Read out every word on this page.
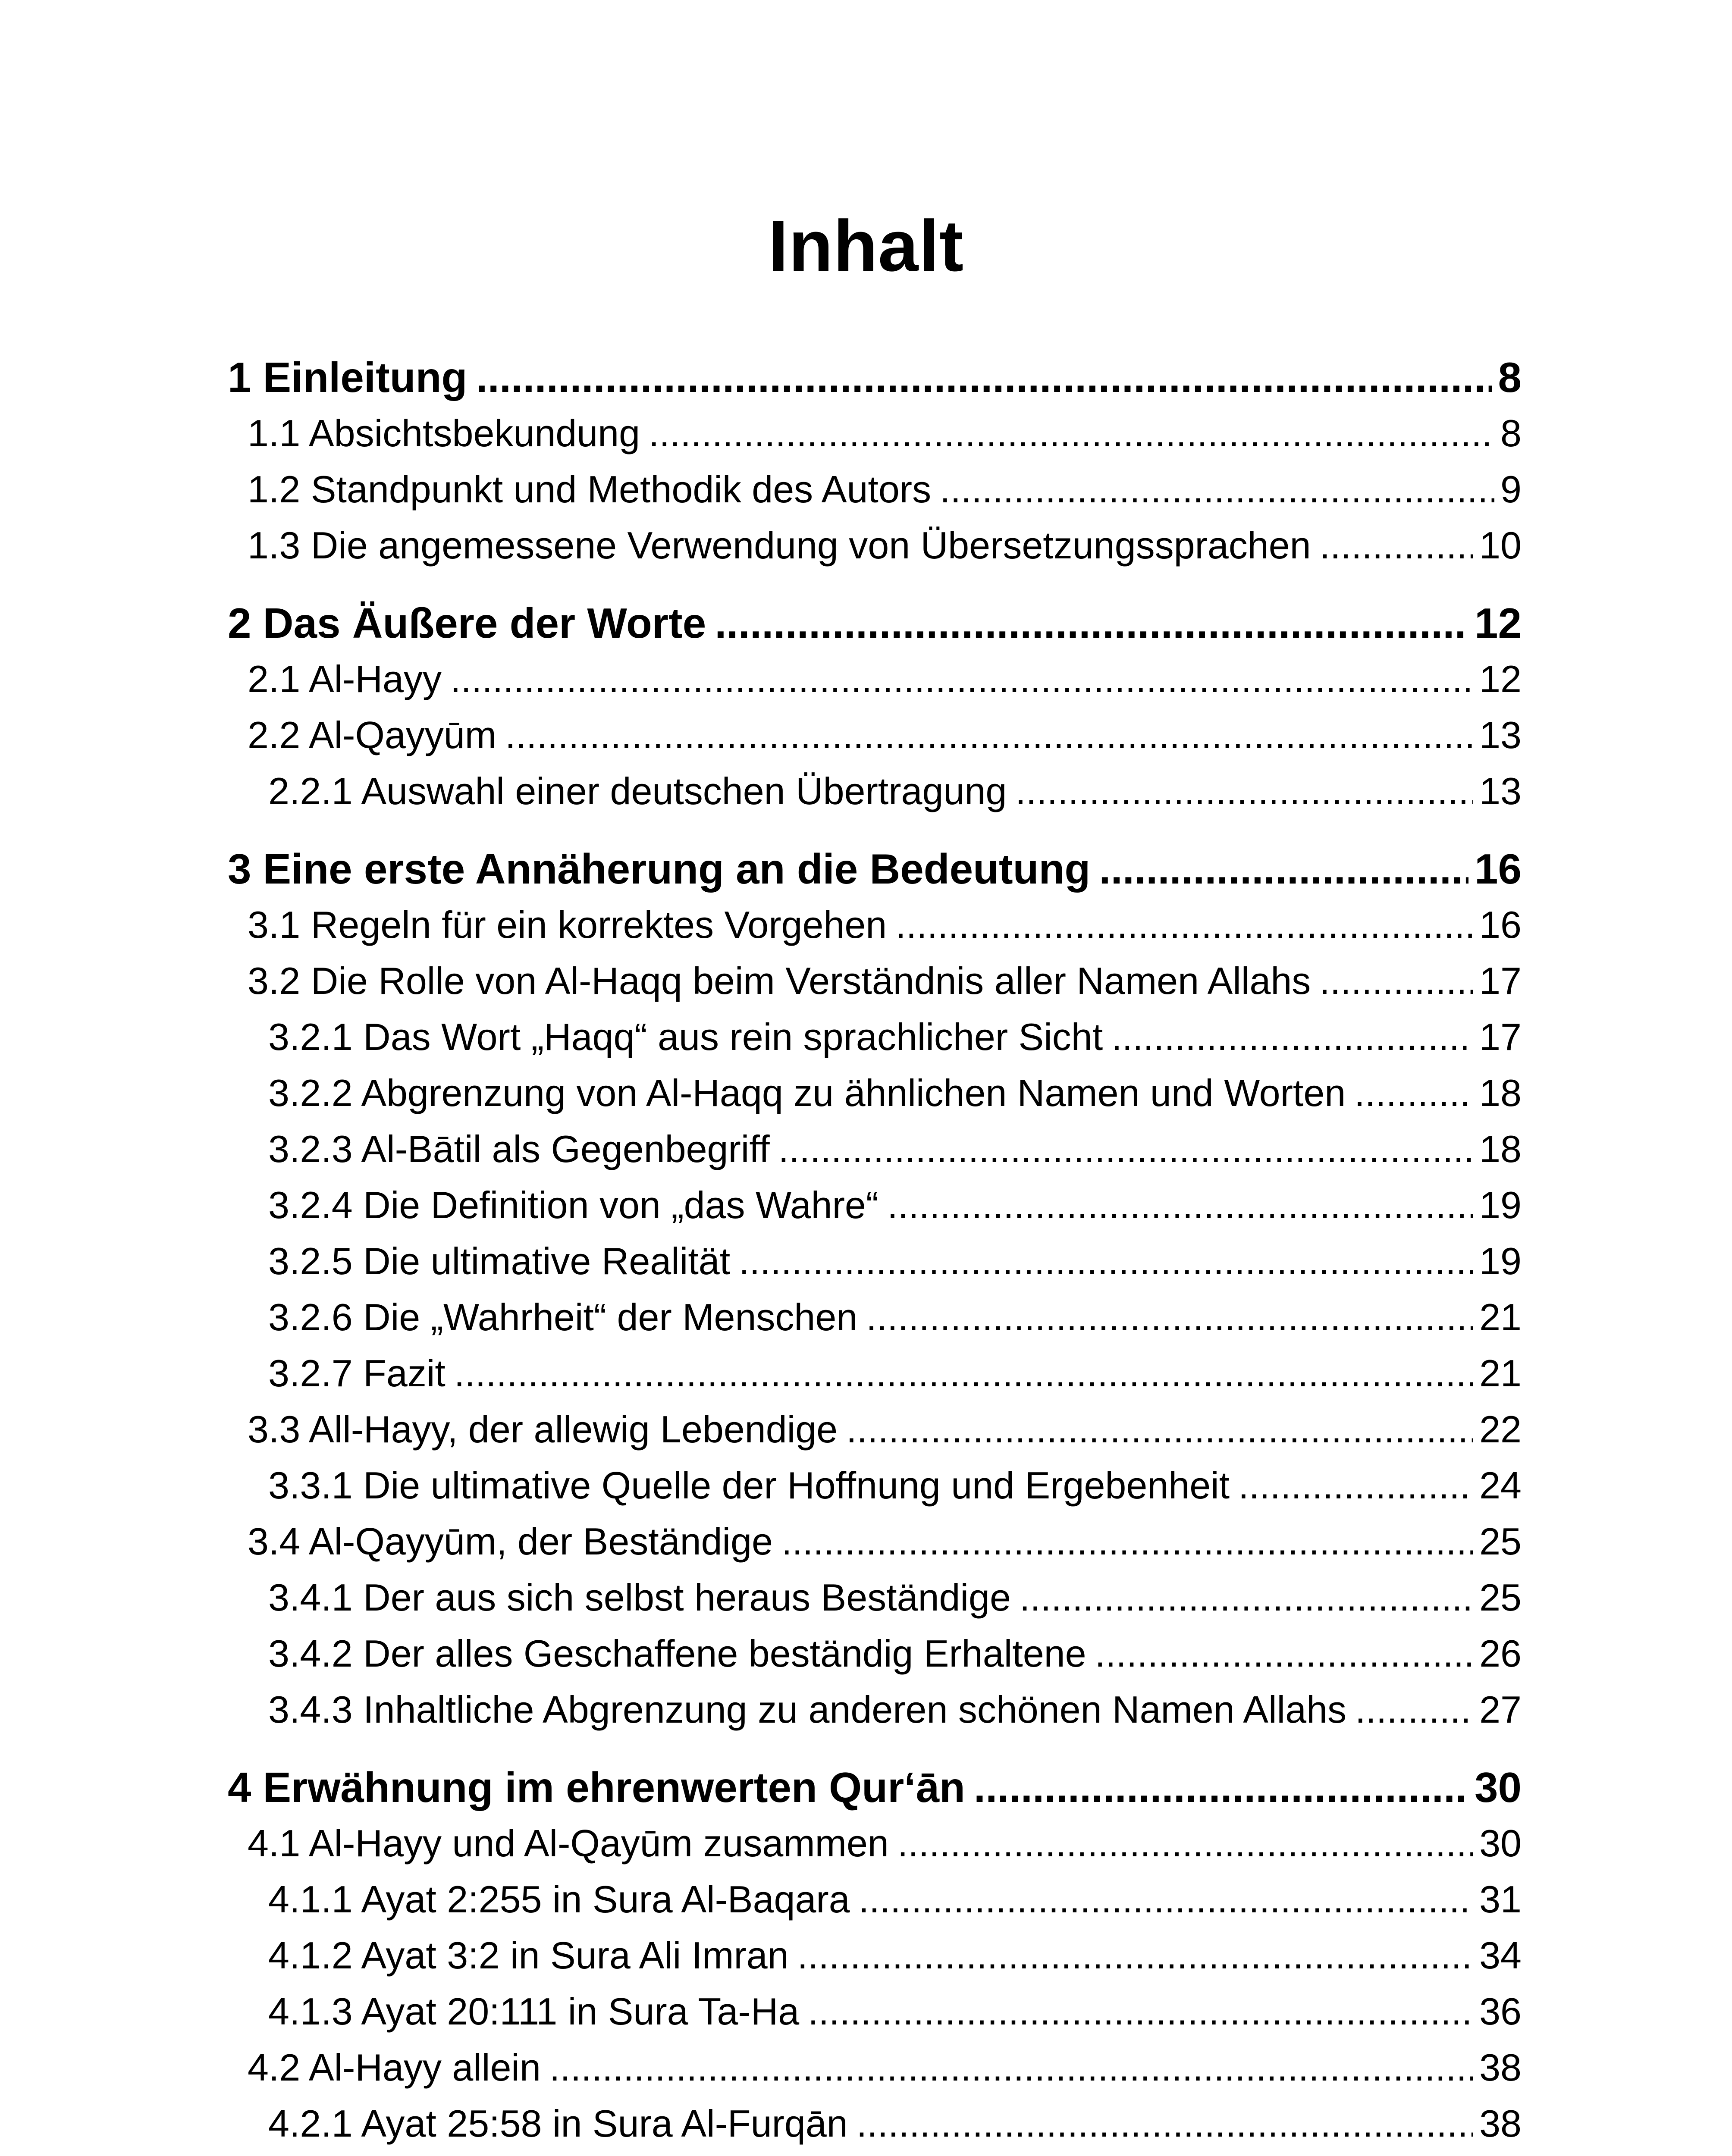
Inhalt
1 Einleitung .....	8
1.1 Absichtsbekundung .....	8
1.2 Standpunkt und Methodik des Autors .....	9
1.3 Die angemessene Verwendung von Übersetzungssprachen .....	10
2 Das Äußere der Worte .....	12
2.1 Al-Hayy .....	12
2.2 Al-Qayyūm .....	13
2.2.1 Auswahl einer deutschen Übertragung .....	13
3 Eine erste Annäherung an die Bedeutung .....	16
3.1 Regeln für ein korrektes Vorgehen .....	16
3.2 Die Rolle von Al-Haqq beim Verständnis aller Namen Allahs .....	17
3.2.1 Das Wort „Haqq“ aus rein sprachlicher Sicht .....	17
3.2.2 Abgrenzung von Al-Haqq zu ähnlichen Namen und Worten .....	18
3.2.3 Al-Bātil als Gegenbegriff .....	18
3.2.4 Die Definition von „das Wahre“ .....	19
3.2.5 Die ultimative Realität .....	19
3.2.6 Die „Wahrheit“ der Menschen .....	21
3.2.7 Fazit .....	21
3.3 All-Hayy, der allewig Lebendige .....	22
3.3.1 Die ultimative Quelle der Hoffnung und Ergebenheit .....	24
3.4 Al-Qayyūm, der Beständige .....	25
3.4.1 Der aus sich selbst heraus Beständige .....	25
3.4.2 Der alles Geschaffene beständig Erhaltene .....	26
3.4.3 Inhaltliche Abgrenzung zu anderen schönen Namen Allahs .....	27
4 Erwähnung im ehrenwerten Qur‘ān .....	30
4.1 Al-Hayy und Al-Qayūm zusammen .....	30
4.1.1 Ayat 2:255 in Sura Al-Baqara .....	31
4.1.2 Ayat 3:2 in Sura Ali Imran .....	34
4.1.3 Ayat 20:111 in Sura Ta-Ha .....	36
4.2 Al-Hayy allein .....	38
4.2.1 Ayat 25:58 in Sura Al-Furqān .....	38
.....
